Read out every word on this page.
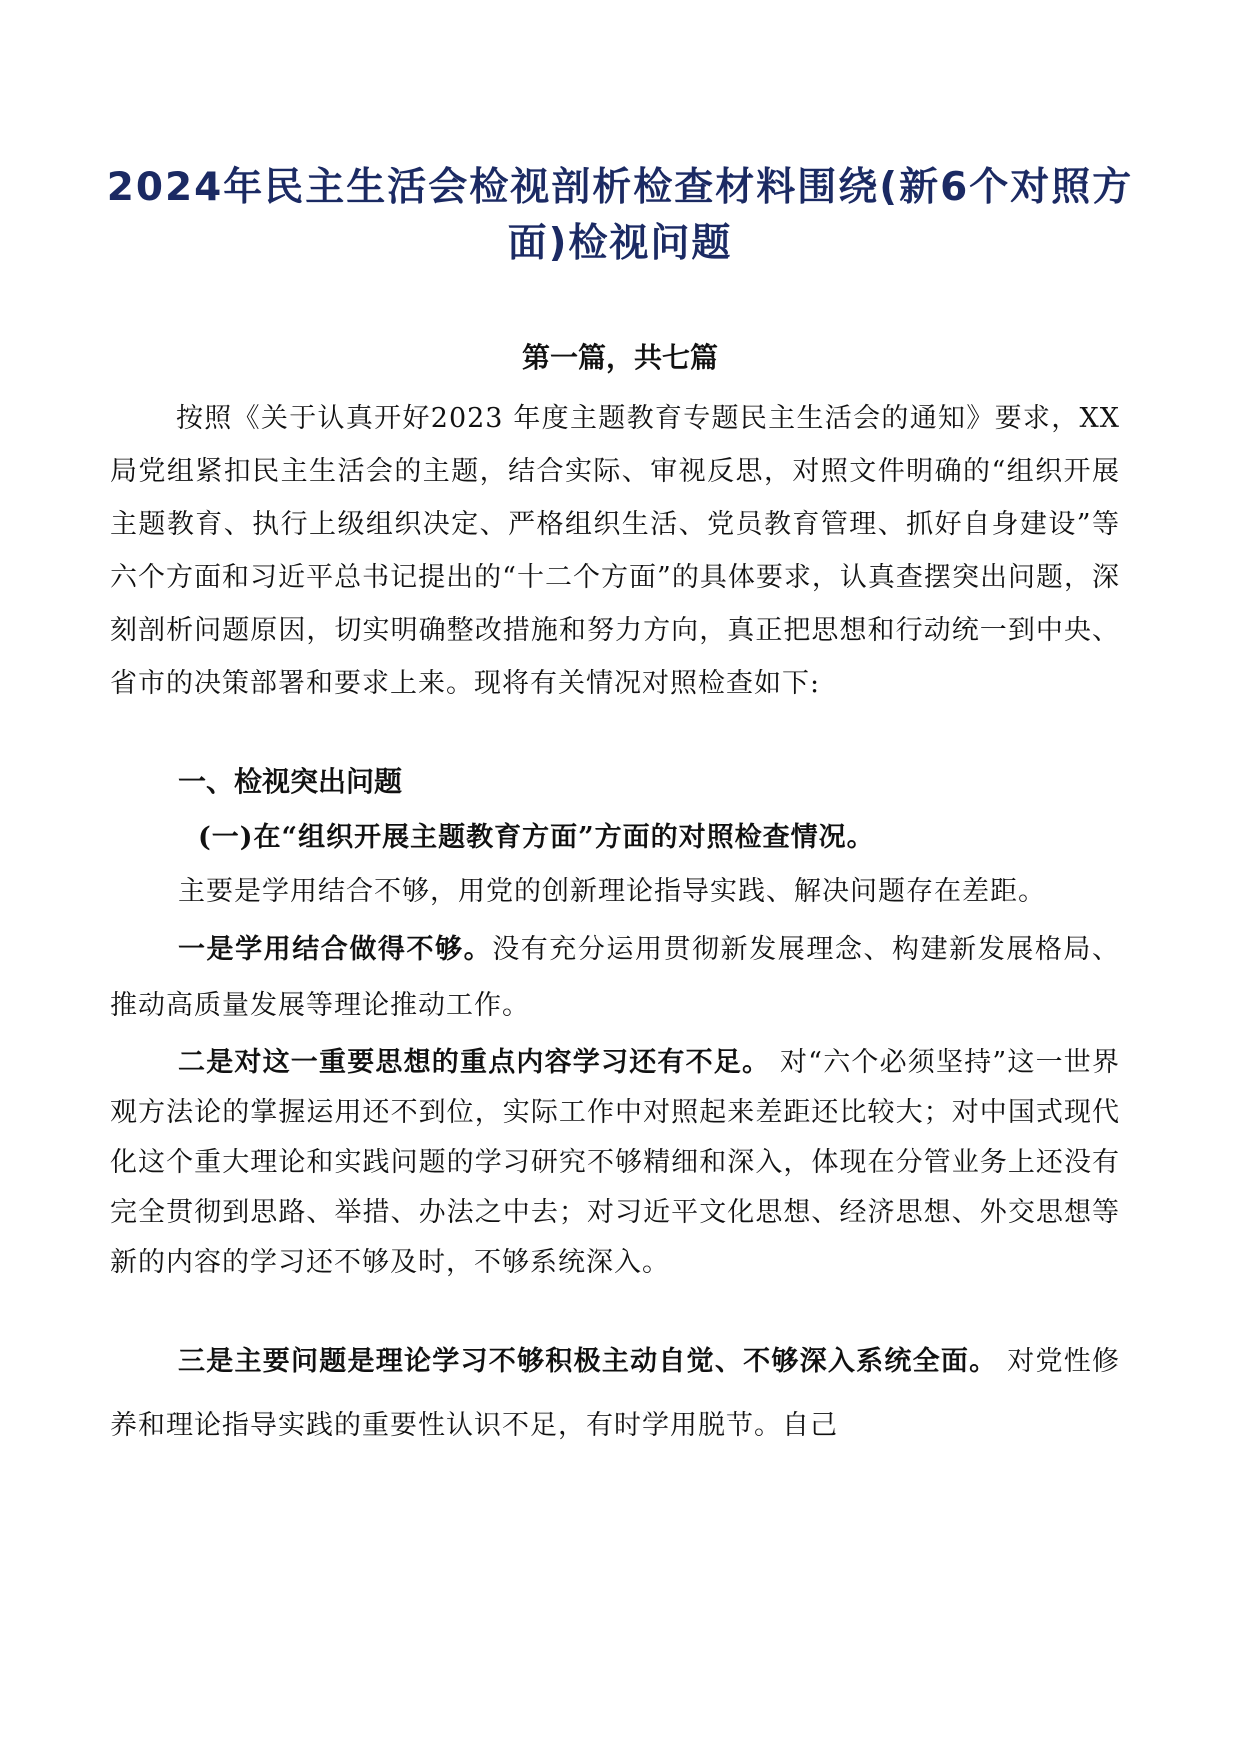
2024年民主生活会检视剖析检查材料围绕(新6个对照方面)检视问题

第一篇，共七篇

按照《关于认真开好2023 年度主题教育专题民主生活会的通知》要求，XX 局党组紧扣民主生活会的主题，结合实际、审视反思，对照文件明确的“组织开展主题教育、执行上级组织决定、严格组织生活、党员教育管理、抓好自身建设”等六个方面和习近平总书记提出的“十二个方面”的具体要求，认真查摆突出问题，深刻剖析问题原因，切实明确整改措施和努力方向，真正把思想和行动统一到中央、省市的决策部署和要求上来。现将有关情况对照检查如下:

一、检视突出问题
(一)在“组织开展主题教育方面”方面的对照检查情况。

主要是学用结合不够，用党的创新理论指导实践、解决问题存在差距。

一是学用结合做得不够。没有充分运用贯彻新发展理念、构建新发展格局、推动高质量发展等理论推动工作。

二是对这一重要思想的重点内容学习还有不足。 对“六个必须坚持”这一世界观方法论的掌握运用还不到位，实际工作中对照起来差距还比较大；对中国式现代化这个重大理论和实践问题的学习研究不够精细和深入，体现在分管业务上还没有完全贯彻到思路、举措、办法之中去；对习近平文化思想、经济思想、外交思想等新的内容的学习还不够及时，不够系统深入。

三是主要问题是理论学习不够积极主动自觉、不够深入系统全面。 对党性修养和理论指导实践的重要性认识不足，有时学用脱节。自己
